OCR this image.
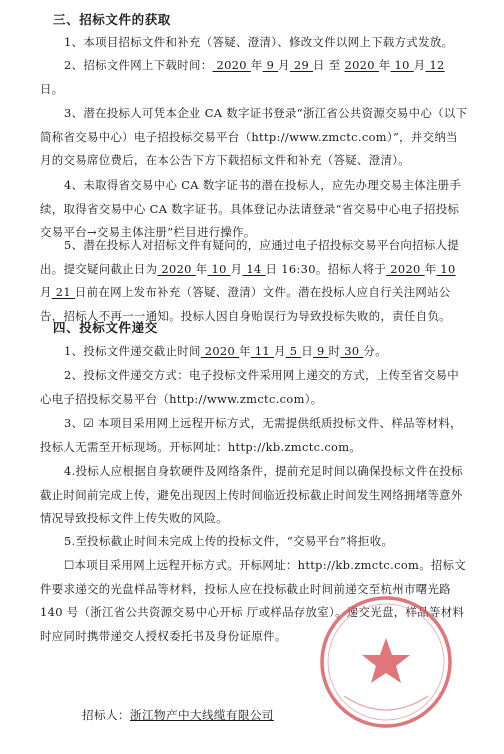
三、招标文件的获取

1、本项目招标文件和补充（答疑、澄清）、修改文件以网上下载方式发放。

2、招标文件网上下载时间： 2020 年 9 月 29 日 至 2020 年 10 月 12 日。

3、潜在投标人可凭本企业 CA 数字证书登录“浙江省公共资源交易中心（以下简称省交易中心）电子招投标交易平台（http://www.zmctc.com）”，并交纳当月的交易席位费后，在本公告下方下载招标文件和补充（答疑、澄清）。

4、未取得省交易中心 CA 数字证书的潜在投标人，应先办理交易主体注册手续，取得省交易中心 CA 数字证书。具体登记办法请登录“省交易中心电子招投标交易平台→交易主体注册”栏目进行操作。

5、潜在投标人对招标文件有疑问的，应通过电子招投标交易平台向招标人提出。提交疑问截止日为 2020 年 10 月 14 日 16:30。招标人将于 2020 年 10 月 21 日前在网上发布补充（答疑、澄清）文件。潜在投标人应自行关注网站公告，招标人不再一一通知。投标人因自身贻误行为导致投标失败的，责任自负。

四、投标文件递交

1、投标文件递交截止时间 2020 年 11 月 5 日 9 时 30 分。

2、投标文件递交方式：电子投标文件采用网上递交的方式，上传至省交易中心电子招投标交易平台（http://www.zmctc.com）。

3、☑ 本项目采用网上远程开标方式，无需提供纸质投标文件、样品等材料，投标人无需至开标现场。开标网址：http://kb.zmctc.com。

4.投标人应根据自身软硬件及网络条件，提前充足时间以确保投标文件在投标截止时间前完成上传，避免出现因上传时间临近投标截止时间发生网络拥堵等意外情况导致投标文件上传失败的风险。

5.至投标截止时间未完成上传的投标文件，“交易平台”将拒收。

☐本项目采用网上远程开标方式。开标网址：http://kb.zmctc.com。招标文件要求递交的光盘样品等材料，投标人应在投标截止时间前递交至杭州市曙光路 140 号（浙江省公共资源交易中心开标 厅或样品存放室）。递交光盘，样品等材料时应同时携带递交人授权委托书及身份证原件。

招标人：浙江物产中大线缆有限公司
